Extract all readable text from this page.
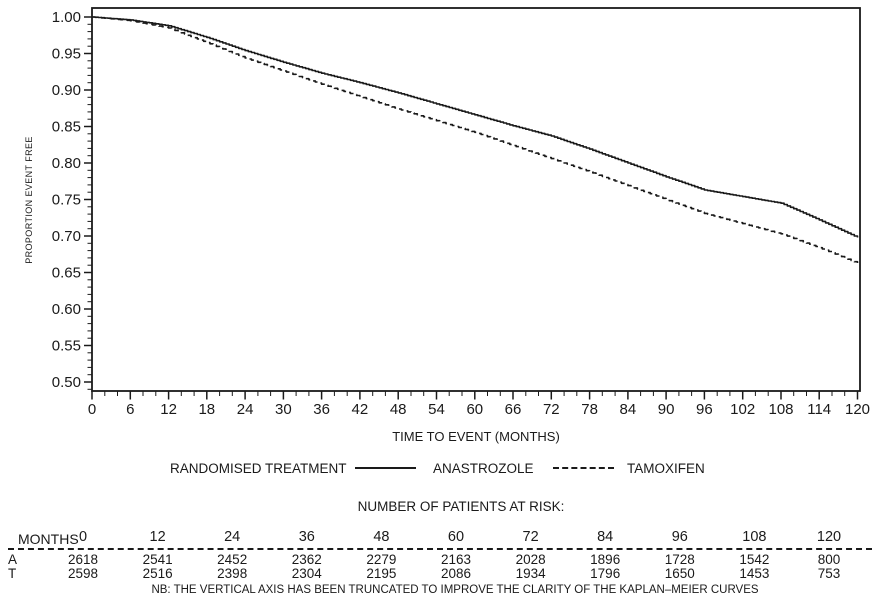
0.50
0.55
0.60
0.65
0.70
0.75
0.80
0.85
0.90
0.95
1.00
0 6 12 18 24 30 36 42 48 54 60 66 72 78 84 90 96 102 108 114 120
PROPORTION EVENT FREE
TIME TO EVENT (MONTHS)
RANDOMISED TREATMENT	ANASTROZOLE	TAMOXIFEN
NUMBER OF PATIENTS AT RISK:
MONTHS 0	12	24	36	48	60	72	84	96	108	120
A	2618	2541	2452	2362	2279	2163	2028	1896	1728	1542	800
T	2598	2516	2398	2304	2195	2086	1934	1796	1650	1453	753
NB: THE VERTICAL AXIS HAS BEEN TRUNCATED TO IMPROVE THE CLARITY OF THE KAPLAN–MEIER CURVES
